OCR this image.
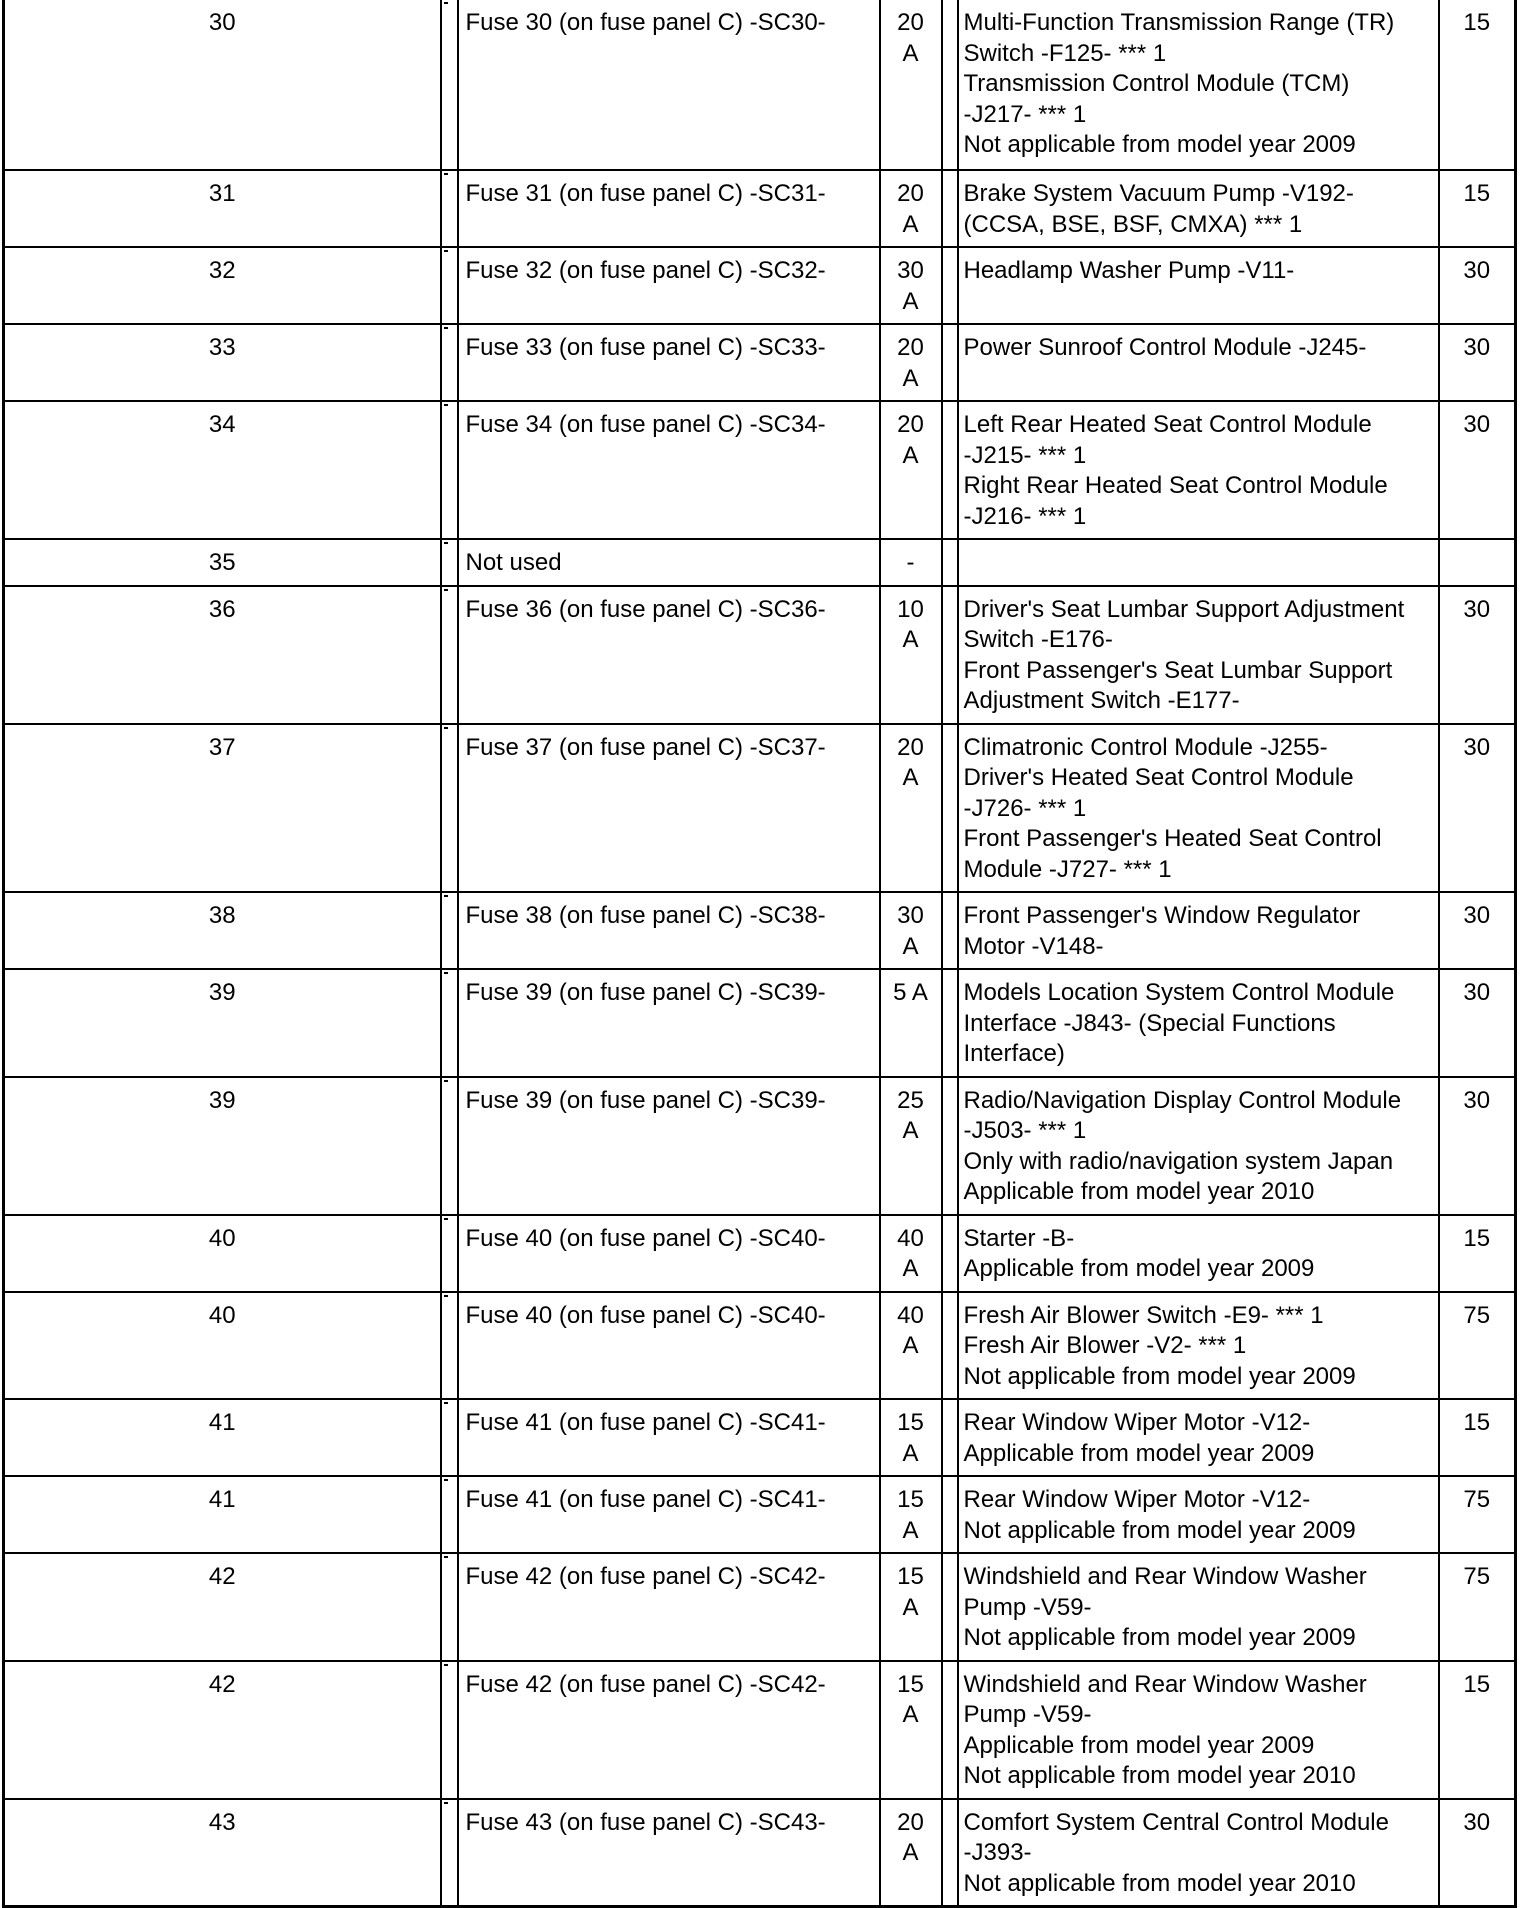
30		Fuse 30 (on fuse panel C) -SC30-	20
A		Multi-Function Transmission Range (TR)
Switch -F125- *** 1
Transmission Control Module (TCM)
-J217- *** 1
Not applicable from model year 2009	15
31		Fuse 31 (on fuse panel C) -SC31-	20
A		Brake System Vacuum Pump -V192-
(CCSA, BSE, BSF, CMXA) *** 1	15
32		Fuse 32 (on fuse panel C) -SC32-	30
A		Headlamp Washer Pump -V11-	30
33		Fuse 33 (on fuse panel C) -SC33-	20
A		Power Sunroof Control Module -J245-	30
34		Fuse 34 (on fuse panel C) -SC34-	20
A		Left Rear Heated Seat Control Module
-J215- *** 1
Right Rear Heated Seat Control Module
-J216- *** 1	30
35		Not used	-			

36		Fuse 36 (on fuse panel C) -SC36-	10
A		Driver's Seat Lumbar Support Adjustment
Switch -E176-
Front Passenger's Seat Lumbar Support
Adjustment Switch -E177-	30
37		Fuse 37 (on fuse panel C) -SC37-	20
A		Climatronic Control Module -J255-
Driver's Heated Seat Control Module
-J726- *** 1
Front Passenger's Heated Seat Control
Module -J727- *** 1	30
38		Fuse 38 (on fuse panel C) -SC38-	30
A		Front Passenger's Window Regulator
Motor -V148-	30
39		Fuse 39 (on fuse panel C) -SC39-	5 A		Models Location System Control Module
Interface -J843- (Special Functions
Interface)	30
39		Fuse 39 (on fuse panel C) -SC39-	25
A		Radio/Navigation Display Control Module
-J503- *** 1
Only with radio/navigation system Japan
Applicable from model year 2010	30
40		Fuse 40 (on fuse panel C) -SC40-	40
A		Starter -B-
Applicable from model year 2009	15
40		Fuse 40 (on fuse panel C) -SC40-	40
A		Fresh Air Blower Switch -E9- *** 1
Fresh Air Blower -V2- *** 1
Not applicable from model year 2009	75
41		Fuse 41 (on fuse panel C) -SC41-	15
A		Rear Window Wiper Motor -V12-
Applicable from model year 2009	15
41		Fuse 41 (on fuse panel C) -SC41-	15
A		Rear Window Wiper Motor -V12-
Not applicable from model year 2009	75
42		Fuse 42 (on fuse panel C) -SC42-	15
A		Windshield and Rear Window Washer
Pump -V59-
Not applicable from model year 2009	75
42		Fuse 42 (on fuse panel C) -SC42-	15
A		Windshield and Rear Window Washer
Pump -V59-
Applicable from model year 2009
Not applicable from model year 2010	15
43		Fuse 43 (on fuse panel C) -SC43-	20
A		Comfort System Central Control Module
-J393-
Not applicable from model year 2010	30
